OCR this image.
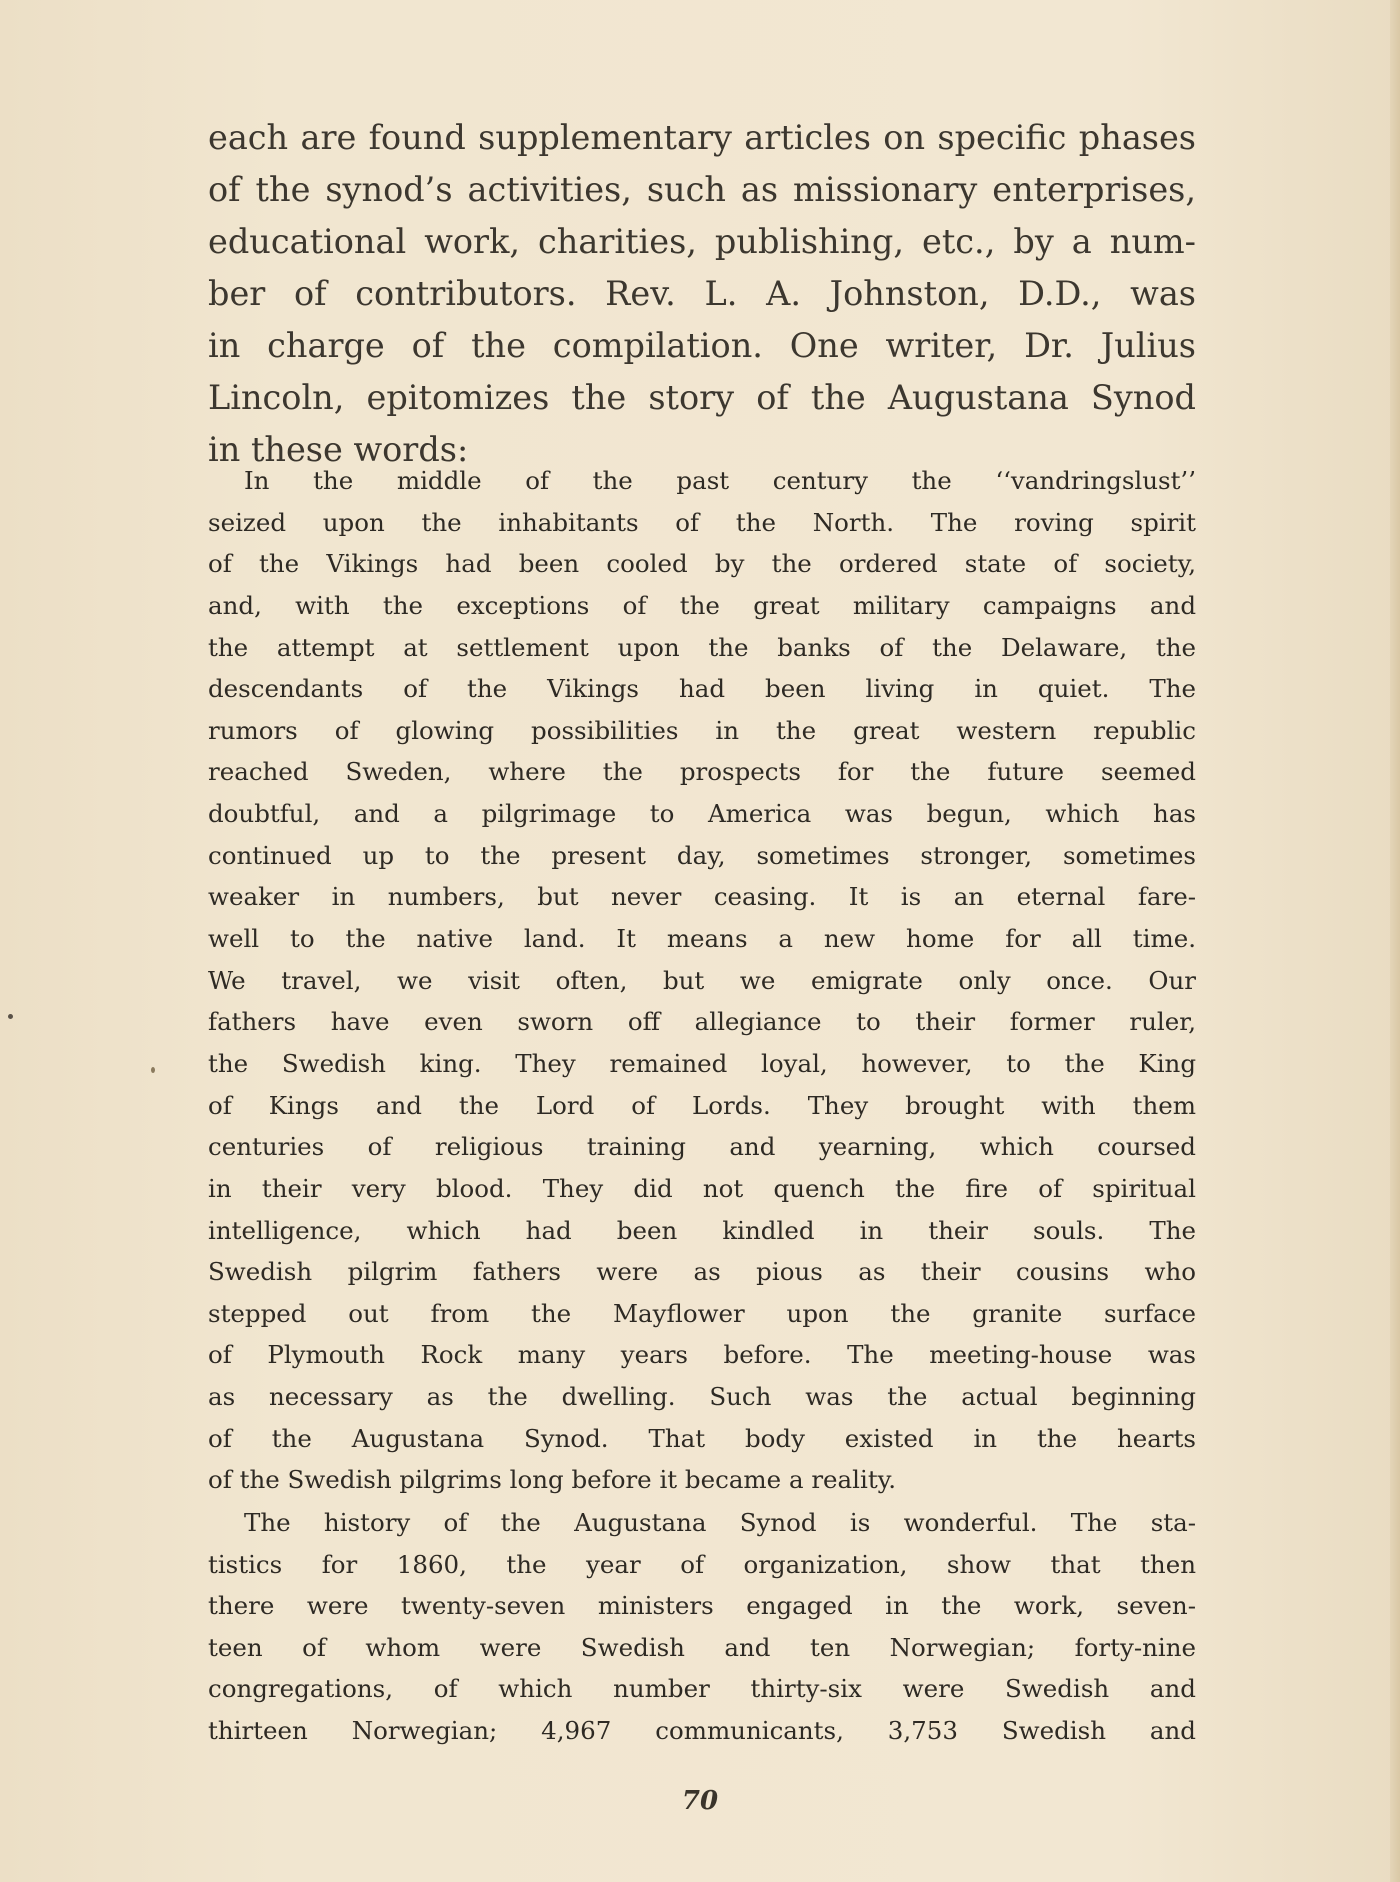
each are found supplementary articles on specific phases
of the synod’s activities, such as missionary enterprises,
educational work, charities, publishing, etc., by a num-
ber of contributors. Rev. L. A. Johnston, D.D., was
in charge of the compilation. One writer, Dr. Julius
Lincoln, epitomizes the story of the Augustana Synod
in these words:
In the middle of the past century the ‘‘vandringslust’’
seized upon the inhabitants of the North. The roving spirit
of the Vikings had been cooled by the ordered state of society,
and, with the exceptions of the great military campaigns and
the attempt at settlement upon the banks of the Delaware, the
descendants of the Vikings had been living in quiet. The
rumors of glowing possibilities in the great western republic
reached Sweden, where the prospects for the future seemed
doubtful, and a pilgrimage to America was begun, which has
continued up to the present day, sometimes stronger, sometimes
weaker in numbers, but never ceasing. It is an eternal fare-
well to the native land. It means a new home for all time.
We travel, we visit often, but we emigrate only once. Our
fathers have even sworn off allegiance to their former ruler,
the Swedish king. They remained loyal, however, to the King
of Kings and the Lord of Lords. They brought with them
centuries of religious training and yearning, which coursed
in their very blood. They did not quench the fire of spiritual
intelligence, which had been kindled in their souls. The
Swedish pilgrim fathers were as pious as their cousins who
stepped out from the Mayflower upon the granite surface
of Plymouth Rock many years before. The meeting-house was
as necessary as the dwelling. Such was the actual beginning
of the Augustana Synod. That body existed in the hearts
of the Swedish pilgrims long before it became a reality.
The history of the Augustana Synod is wonderful. The sta-
tistics for 1860, the year of organization, show that then
there were twenty-seven ministers engaged in the work, seven-
teen of whom were Swedish and ten Norwegian; forty-nine
congregations, of which number thirty-six were Swedish and
thirteen Norwegian; 4,967 communicants, 3,753 Swedish and
70
